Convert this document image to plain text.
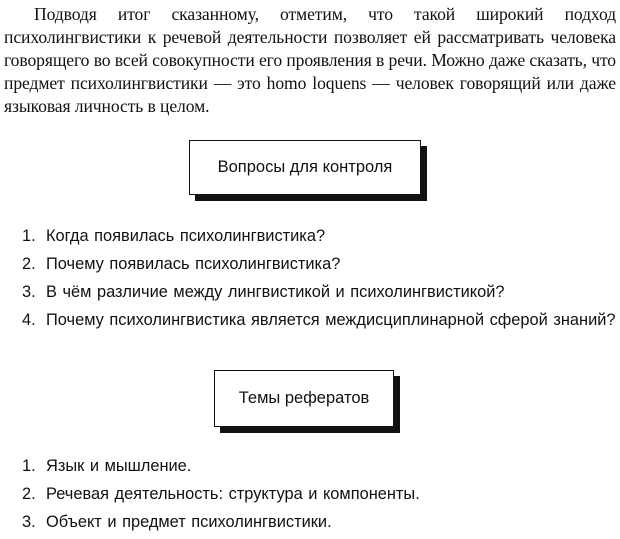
Подводя итог сказанному, отметим, что такой широкий подход психолингвистики к речевой деятельности позволяет ей рассматривать человека говорящего во всей совокупности его проявления в речи. Можно даже сказать, что предмет психолингвистики — это homo loquens — человек говорящий или даже языковая личность в целом.

Вопросы для контроля
1. Когда появилась психолингвистика?
2. Почему появилась психолингвистика?
3. В чём различие между лингвистикой и психолингвистикой?
4. Почему психолингвистика является междисциплинарной сферой знаний?
Темы рефератов
1. Язык и мышление.
2. Речевая деятельность: структура и компоненты.
3. Объект и предмет психолингвистики.
